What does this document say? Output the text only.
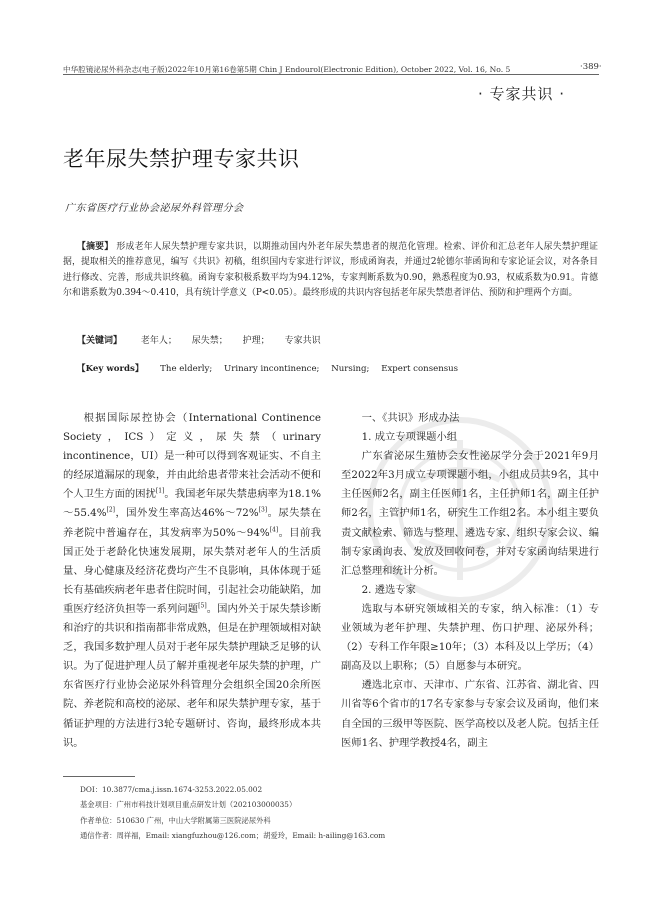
中华腔镜泌尿外科杂志(电子版)2022年10月第16卷第5期 Chin J Endourol(Electronic Edition), October 2022, Vol. 16, No. 5	·389·
· 专家共识 ·
老年尿失禁护理专家共识
广东省医疗行业协会泌尿外科管理分会
【摘要】 形成老年人尿失禁护理专家共识，以期推动国内外老年尿失禁患者的规范化管理。检索、评价和汇总老年人尿失禁护理证据，提取相关的推荐意见，编写《共识》初稿，组织国内专家进行评议，形成函询表，并通过2轮德尔菲函询和专家论证会议，对各条目进行修改、完善，形成共识终稿。函询专家积极系数平均为94.12%，专家判断系数为0.90，熟悉程度为0.93，权威系数为0.91。肯德尔和谐系数为0.394～0.410，具有统计学意义（P<0.05）。最终形成的共识内容包括老年尿失禁患者评估、预防和护理两个方面。
【关键词】 老年人； 尿失禁； 护理； 专家共识
【Key words】 The elderly; Urinary incontinence; Nursing; Expert consensus

根据国际尿控协会（International Continence Society，ICS）定义，尿失禁（urinary incontinence，UI）是一种可以得到客观证实、不自主的经尿道漏尿的现象，并由此给患者带来社会活动不便和个人卫生方面的困扰[1]。我国老年尿失禁患病率为18.1%～55.4%[2]，国外发生率高达46%～72%[3]。尿失禁在养老院中普遍存在，其发病率为50%～94%[4]。目前我国正处于老龄化快速发展期，尿失禁对老年人的生活质量、身心健康及经济花费均产生不良影响，具体体现于延长有基础疾病老年患者住院时间，引起社会功能缺陷，加重医疗经济负担等一系列问题[5]。国内外关于尿失禁诊断和治疗的共识和指南都非常成熟，但是在护理领域相对缺乏，我国多数护理人员对于老年尿失禁护理缺乏足够的认识。为了促进护理人员了解并重视老年尿失禁的护理，广东省医疗行业协会泌尿外科管理分会组织全国20余所医院、养老院和高校的泌尿、老年和尿失禁护理专家，基于循证护理的方法进行3轮专题研讨、咨询，最终形成本共识。

一、《共识》形成办法
1. 成立专项课题小组

广东省泌尿生殖协会女性泌尿学分会于2021年9月至2022年3月成立专项课题小组，小组成员共9名，其中主任医师2名，副主任医师1名，主任护师1名，副主任护师2名，主管护师1名，研究生工作组2名。本小组主要负责文献检索、筛选与整理、遴选专家、组织专家会议、编制专家函询表、发放及回收问卷，并对专家函询结果进行汇总整理和统计分析。

2. 遴选专家

选取与本研究领域相关的专家，纳入标准：（1）专业领域为老年护理、失禁护理、伤口护理、泌尿外科；（2）专科工作年限≥10年；（3）本科及以上学历；（4）副高及以上职称；（5）自愿参与本研究。

遴选北京市、天津市、广东省、江苏省、湖北省、四川省等6个省市的17名专家参与专家会议及函询，他们来自全国的三级甲等医院、医学高校以及老人院。包括主任医师1名、护理学教授4名，副主

DOI：10.3877/cma.j.issn.1674-3253.2022.05.002
基金项目：广州市科技计划项目重点研发计划（202103000035）
作者单位：510630 广州，中山大学附属第三医院泌尿外科
通信作者：周祥福，Email: xiangfuzhou@126.com；胡爱玲，Email: h-ailing@163.com
